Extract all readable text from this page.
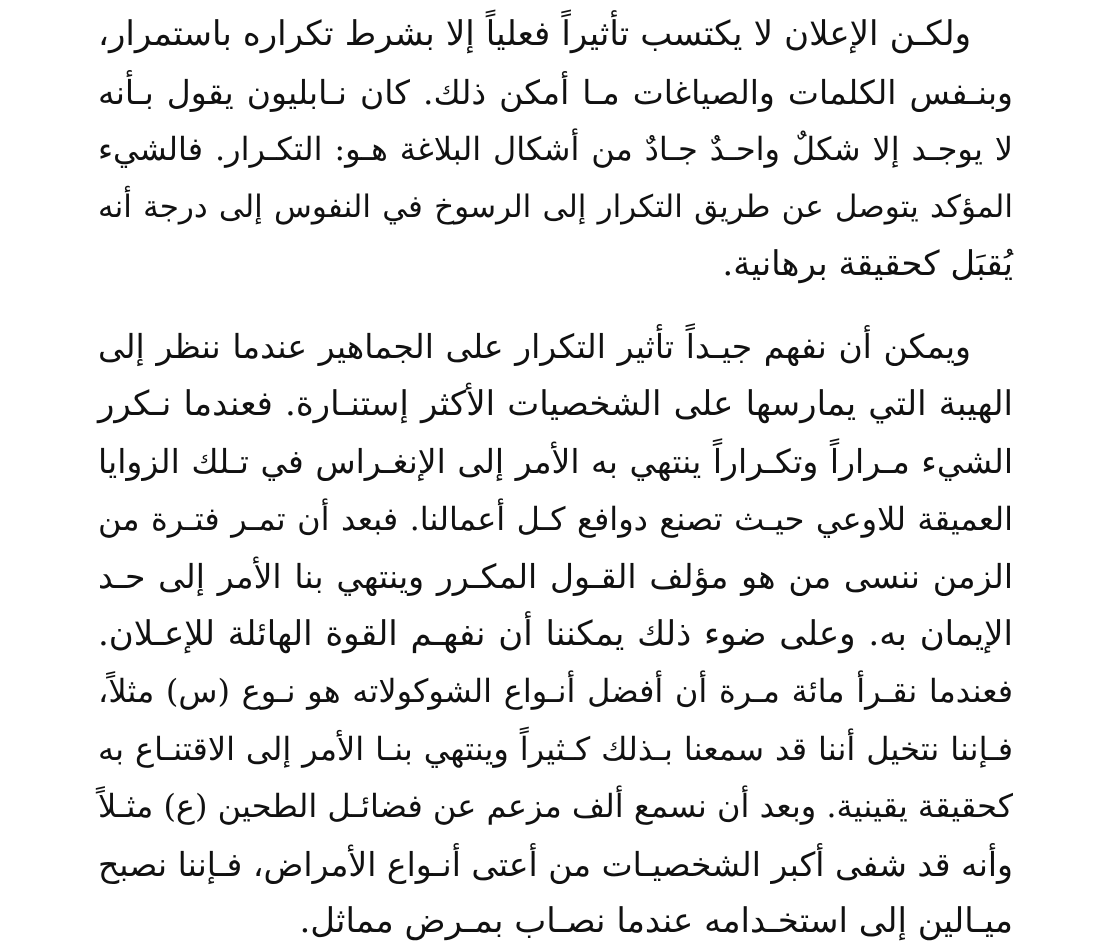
ولكـن الإعلان لا يكتسب تأثيراً فعلياً إلا بشرط تكراره باستمرار،
وبنـفس الكلمات والصياغات مـا أمكن ذلك. كان نـابليون يقول بـأنه
لا يوجـد إلا شكلٌ واحـدٌ جـادٌ من أشكال البلاغة هـو: التكـرار. فالشيء
المؤكد يتوصل عن طريق التكرار إلى الرسوخ في النفوس إلى درجة أنه
يُقبَل كحقيقة برهانية.
ويمكن أن نفهم جيـداً تأثير التكرار على الجماهير عندما ننظر إلى
الهيبة التي يمارسها على الشخصيات الأكثر إستنـارة. فعندما نـكرر
الشيء مـراراً وتكـراراً ينتهي به الأمر إلى الإنغـراس في تـلك الزوايا
العميقة للاوعي حيـث تصنع دوافع كـل أعمالنا. فبعد أن تمـر فتـرة من
الزمن ننسى من هو مؤلف القـول المكـرر وينتهي بنا الأمر إلى حـد
الإيمان به. وعلى ضوء ذلك يمكننا أن نفهـم القوة الهائلة للإعـلان.
فعندما نقـرأ مائة مـرة أن أفضل أنـواع الشوكولاته هو نـوع (س) مثلاً،
فـإننا نتخيل أننا قد سمعنا بـذلك كـثيراً وينتهي بنـا الأمر إلى الاقتنـاع به
كحقيقة يقينية. وبعد أن نسمع ألف مزعم عن فضائـل الطحين (ع) مثـلاً
وأنه قد شفى أكبر الشخصيـات من أعتى أنـواع الأمراض، فـإننا نصبح
ميـالين إلى استخـدامه عندما نصـاب بمـرض مماثل.
